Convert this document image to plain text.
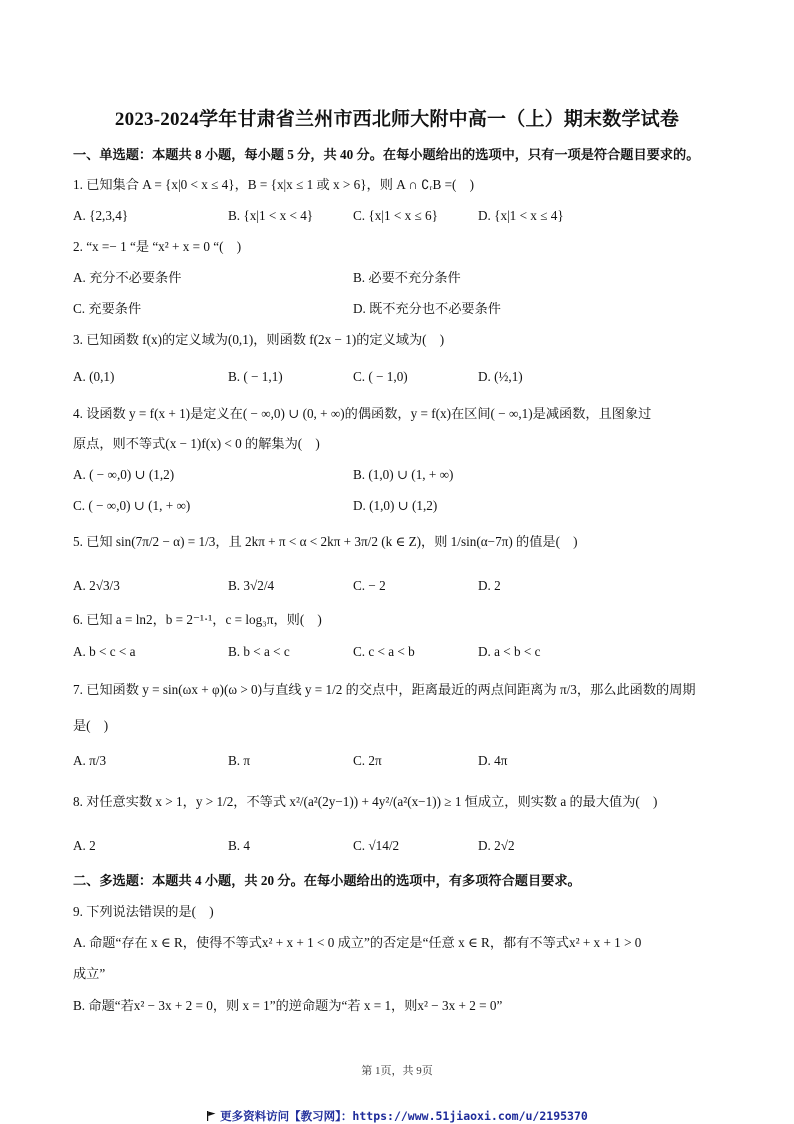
2023-2024学年甘肃省兰州市西北师大附中高一（上）期末数学试卷
一、单选题：本题共 8 小题，每小题 5 分，共 40 分。在每小题给出的选项中，只有一项是符合题目要求的。
1. 已知集合 A = {x|0 < x ≤ 4}，B = {x|x ≤ 1 或 x > 6}，则 A ∩ ∁ᵣB =(　)
A. {2,3,4}	B. {x|1 < x < 4}	C. {x|1 < x ≤ 6}	D. {x|1 < x ≤ 4}
2. “x =− 1 “是 “x² + x = 0 “(　)
A. 充分不必要条件	B. 必要不充分条件
C. 充要条件	D. 既不充分也不必要条件
3. 已知函数 f(x)的定义域为(0,1)，则函数 f(2x − 1)的定义域为(　)
A. (0,1)	B. ( − 1,1)	C. ( − 1,0)	D. (½,1)
4. 设函数 y = f(x + 1)是定义在( − ∞,0) ∪ (0, + ∞)的偶函数，y = f(x)在区间( − ∞,1)是减函数，且图象过
原点，则不等式(x − 1)f(x) < 0 的解集为(　)
A. ( − ∞,0) ∪ (1,2)	B. (1,0) ∪ (1, + ∞)
C. ( − ∞,0) ∪ (1, + ∞)	D. (1,0) ∪ (1,2)
5. 已知 sin(7π/2 − α) = 1/3，且 2kπ + π < α < 2kπ + 3π/2 (k ∈ Z)，则 1/sin(α−7π) 的值是(　)
A. 2√3/3	B. 3√2/4	C. − 2	D. 2
6. 已知 a = ln2，b = 2⁻¹·¹，c = log₃π，则(　)
A. b < c < a	B. b < a < c	C. c < a < b	D. a < b < c
7. 已知函数 y = sin(ωx + φ)(ω > 0)与直线 y = 1/2 的交点中，距离最近的两点间距离为 π/3，那么此函数的周期
是(　)
A. π/3	B. π	C. 2π	D. 4π
8. 对任意实数 x > 1，y > 1/2，不等式 x²/(a²(2y−1)) + 4y²/(a²(x−1)) ≥ 1 恒成立，则实数 a 的最大值为(　)
A. 2	B. 4	C. √14/2	D. 2√2
二、多选题：本题共 4 小题，共 20 分。在每小题给出的选项中，有多项符合题目要求。
9. 下列说法错误的是(　)
A. 命题“存在 x ∈ R，使得不等式x² + x + 1 < 0 成立”的否定是“任意 x ∈ R，都有不等式x² + x + 1 > 0
成立”
B. 命题“若x² − 3x + 2 = 0，则 x = 1”的逆命题为“若 x = 1，则x² − 3x + 2 = 0”
第 1页，共 9页
更多资料访问【教习网】：https://www.51jiaoxi.com/u/2195370
